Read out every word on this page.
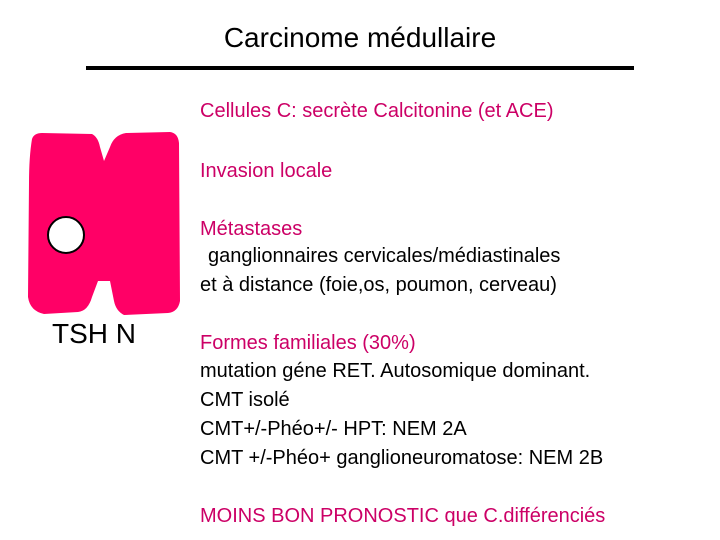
Carcinome médullaire
TSH N
Cellules C: secrète Calcitonine (et ACE)
Invasion locale
Métastases
ganglionnaires cervicales/médiastinales
et à distance (foie,os, poumon, cerveau)
Formes familiales (30%)
mutation géne RET. Autosomique dominant.
CMT isolé
CMT+/-Phéo+/- HPT: NEM 2A
CMT +/-Phéo+ ganglioneuromatose: NEM 2B
MOINS BON PRONOSTIC que C.différenciés
